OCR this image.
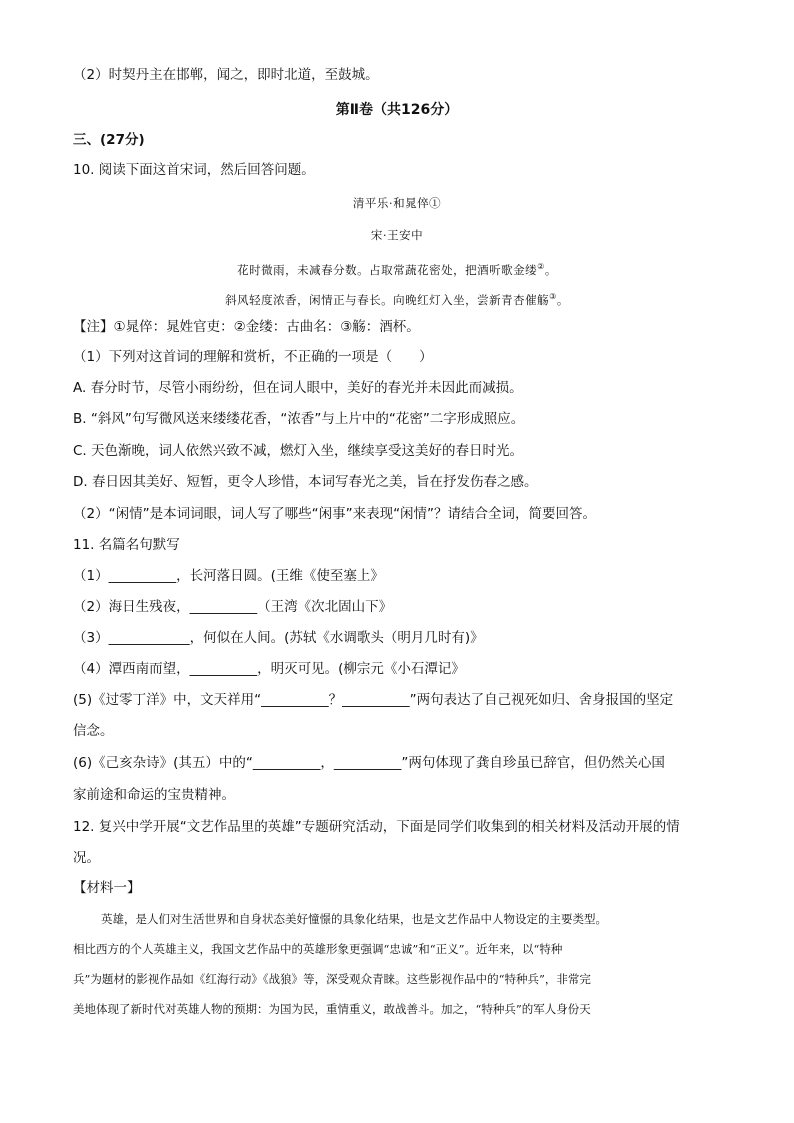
（2）时契丹主在邯郸，闻之，即时北道，至鼓城。
第Ⅱ卷（共126分）
三、(27分)
10. 阅读下面这首宋词，然后回答问题。
清平乐·和晁倅①
宋·王安中
花时微雨，未减春分数。占取常蔬花密处，把酒听歌金缕②。
斜风轻度浓香，闲情正与春长。向晚红灯入坐，尝新青杏催觞③。
【注】①晁倅：晁姓官吏：②金缕：古曲名：③觞：酒杯。
（1）下列对这首词的理解和赏析，不正确的一项是（　　）
A. 春分时节，尽管小雨纷纷，但在词人眼中，美好的春光并未因此而减损。
B. “斜风”句写微风送来缕缕花香，“浓香”与上片中的“花密”二字形成照应。
C. 天色渐晚，词人依然兴致不减，燃灯入坐，继续享受这美好的春日时光。
D. 春日因其美好、短暂，更令人珍惜，本词写春光之美，旨在抒发伤春之感。
（2）“闲情”是本词词眼，词人写了哪些“闲事”来表现“闲情”？请结合全词，简要回答。
11. 名篇名句默写
（1）__________，长河落日圆。(王维《使至塞上》
（2）海日生残夜，__________（王湾《次北固山下》
（3）____________，何似在人间。(苏轼《水调歌头（明月几时有)》
（4）潭西南而望，__________，明灭可见。(柳宗元《小石潭记》
(5)《过零丁洋》中，文天祥用“__________？__________”两句表达了自己视死如归、舍身报国的坚定
信念。
(6)《己亥杂诗》(其五）中的“__________，__________”两句体现了龚自珍虽已辞官，但仍然关心国
家前途和命运的宝贵精神。
12. 复兴中学开展“文艺作品里的英雄”专题研究活动，下面是同学们收集到的相关材料及活动开展的情
况。
【材料一】
英雄，是人们对生活世界和自身状态美好憧憬的具象化结果，也是文艺作品中人物设定的主要类型。
相比西方的个人英雄主义，我国文艺作品中的英雄形象更强调“忠诚”和“正义”。近年来，以“特种
兵”为题材的影视作品如《红海行动》《战狼》等，深受观众青睐。这些影视作品中的“特种兵”，非常完
美地体现了新时代对英雄人物的预期：为国为民，重情重义，敢战善斗。加之，“特种兵”的军人身份天
